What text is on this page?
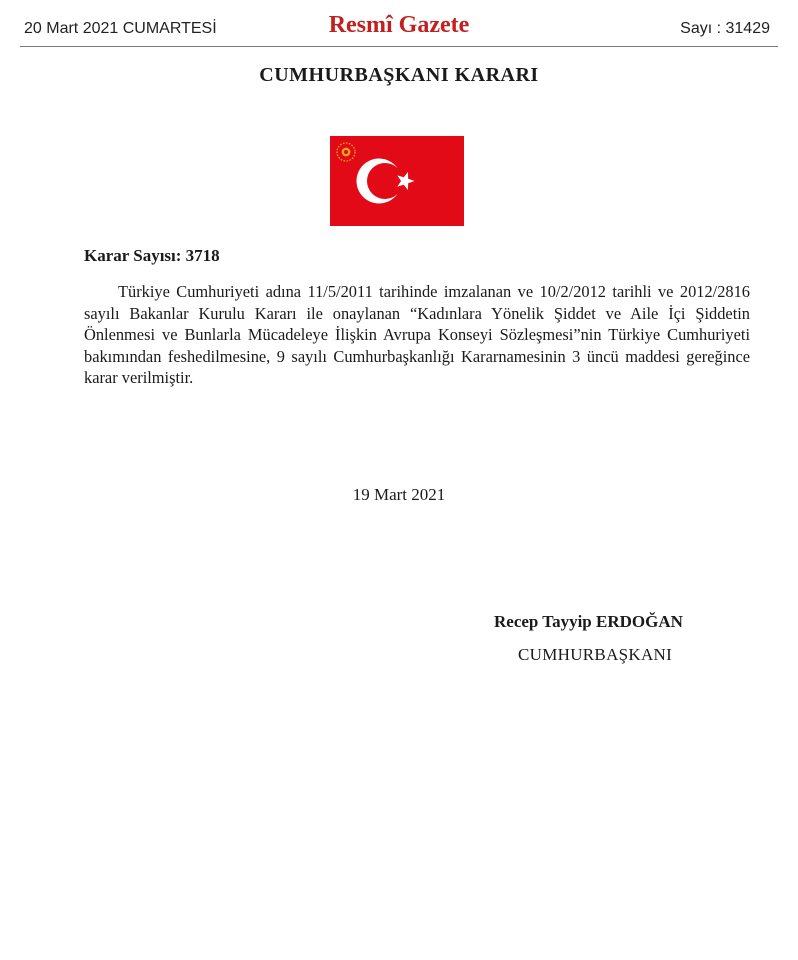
20 Mart 2021 CUMARTESİ	Resmî Gazete	Sayı : 31429
CUMHURBAŞKANI KARARI
Karar Sayısı: 3718

Türkiye Cumhuriyeti adına 11/5/2011 tarihinde imzalanan ve 10/2/2012 tarihli ve 2012/2816 sayılı Bakanlar Kurulu Kararı ile onaylanan “Kadınlara Yönelik Şiddet ve Aile İçi Şiddetin Önlenmesi ve Bunlarla Mücadeleye İlişkin Avrupa Konseyi Sözleşmesi”nin Türkiye Cumhuriyeti bakımından feshedilmesine, 9 sayılı Cumhurbaşkanlığı Kararnamesinin 3 üncü maddesi gereğince karar verilmiştir.

19 Mart 2021
Recep Tayyip ERDOĞAN
CUMHURBAŞKANI
